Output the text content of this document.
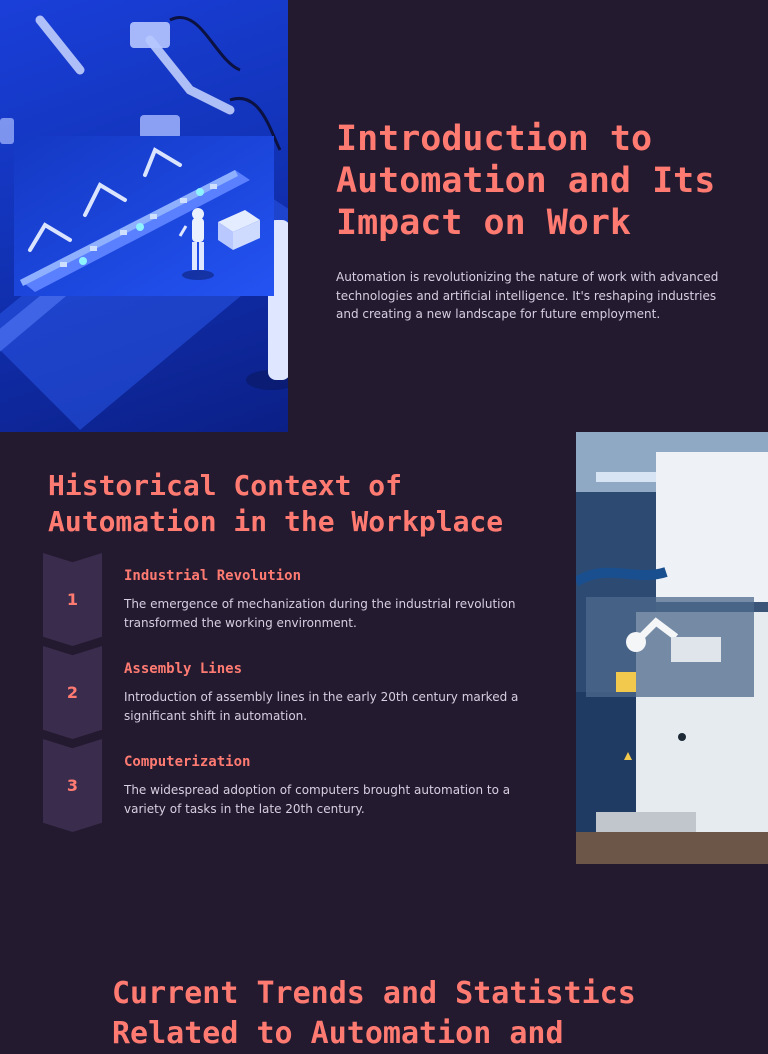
Introduction to Automation and Its Impact on Work

Automation is revolutionizing the nature of work with advanced technologies and artificial intelligence. It's reshaping industries and creating a new landscape for future employment.

Historical Context of Automation in the Workplace
1
Industrial Revolution

The emergence of mechanization during the industrial revolution transformed the working environment.

2
Assembly Lines

Introduction of assembly lines in the early 20th century marked a significant shift in automation.

3
Computerization

The widespread adoption of computers brought automation to a variety of tasks in the late 20th century.

Current Trends and Statistics Related to Automation and
